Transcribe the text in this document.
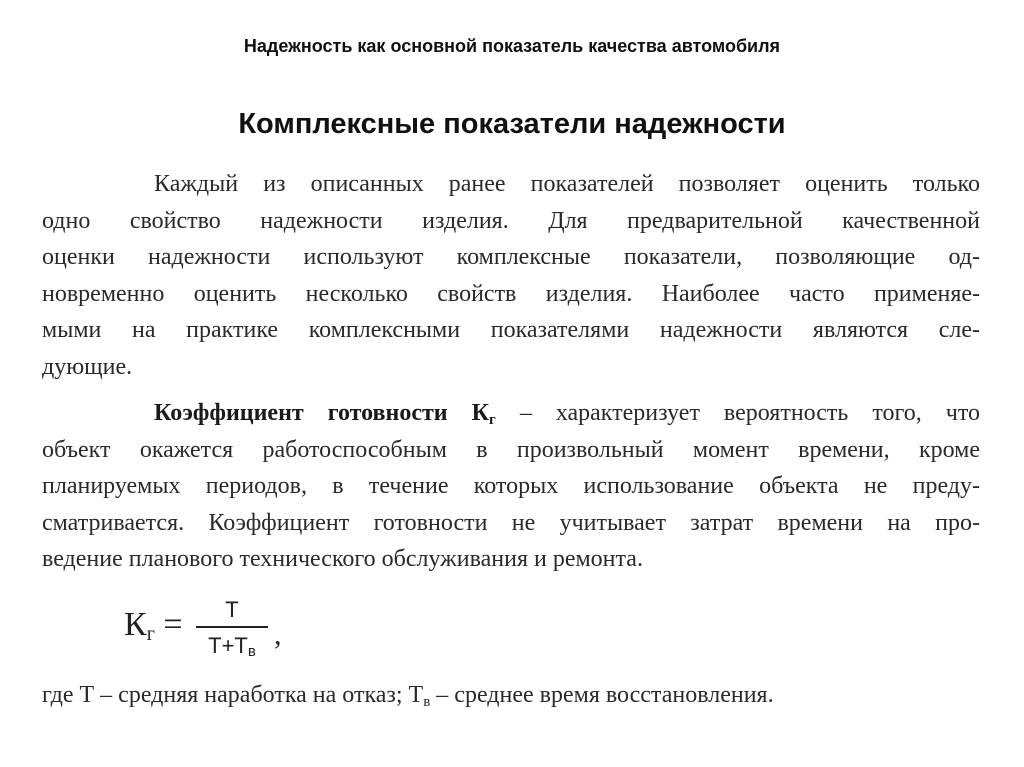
Надежность как основной показатель качества автомобиля
Комплексные показатели надежности
Каждый из описанных ранее показателей позволяет оценить только
одно свойство надежности изделия. Для предварительной качественной
оценки надежности используют комплексные показатели, позволяющие од-
новременно оценить несколько свойств изделия. Наиболее часто применяе-
мыми на практике комплексными показателями надежности являются сле-
дующие.
Коэффициент готовности $К_г$ – характеризует вероятность того, что
объект окажется работоспособным в произвольный момент времени, кроме
планируемых периодов, в течение которых использование объекта не преду-
сматривается. Коэффициент готовности не учитывает затрат времени на про-
ведение планового технического обслуживания и ремонта.
$К_г$ =	Т
$Т+Т_в$
,
где Т – средняя наработка на отказ; $Т_в$ – среднее время восстановления.
